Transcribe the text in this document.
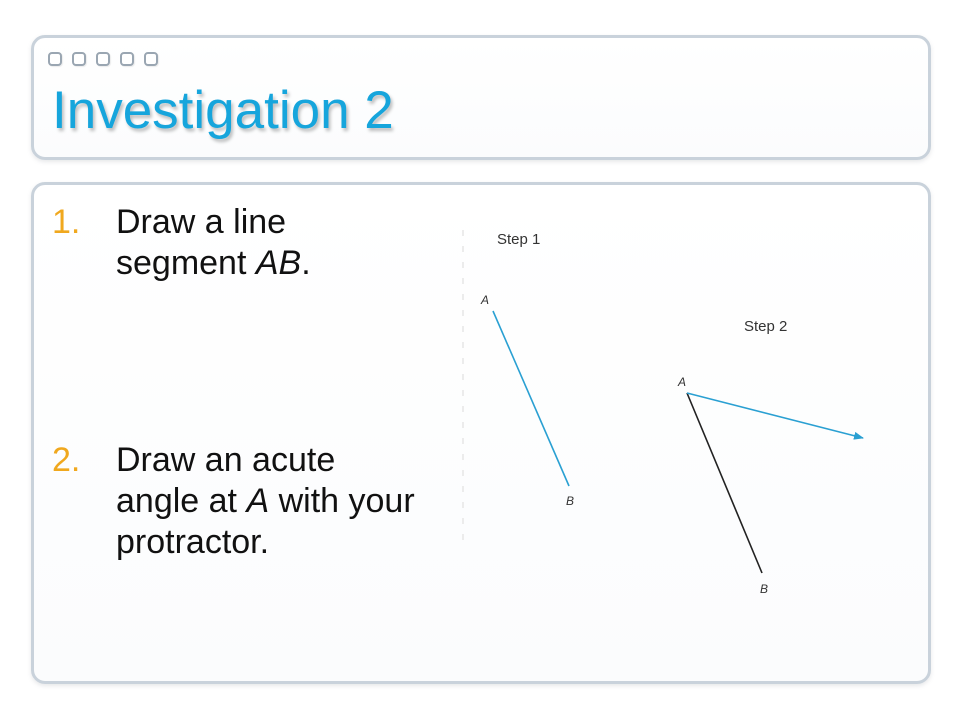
Investigation 2
1. Draw a line segment AB.
2. Draw an acute angle at A with your protractor.
Step 1
A
B
Step 2
A
B
